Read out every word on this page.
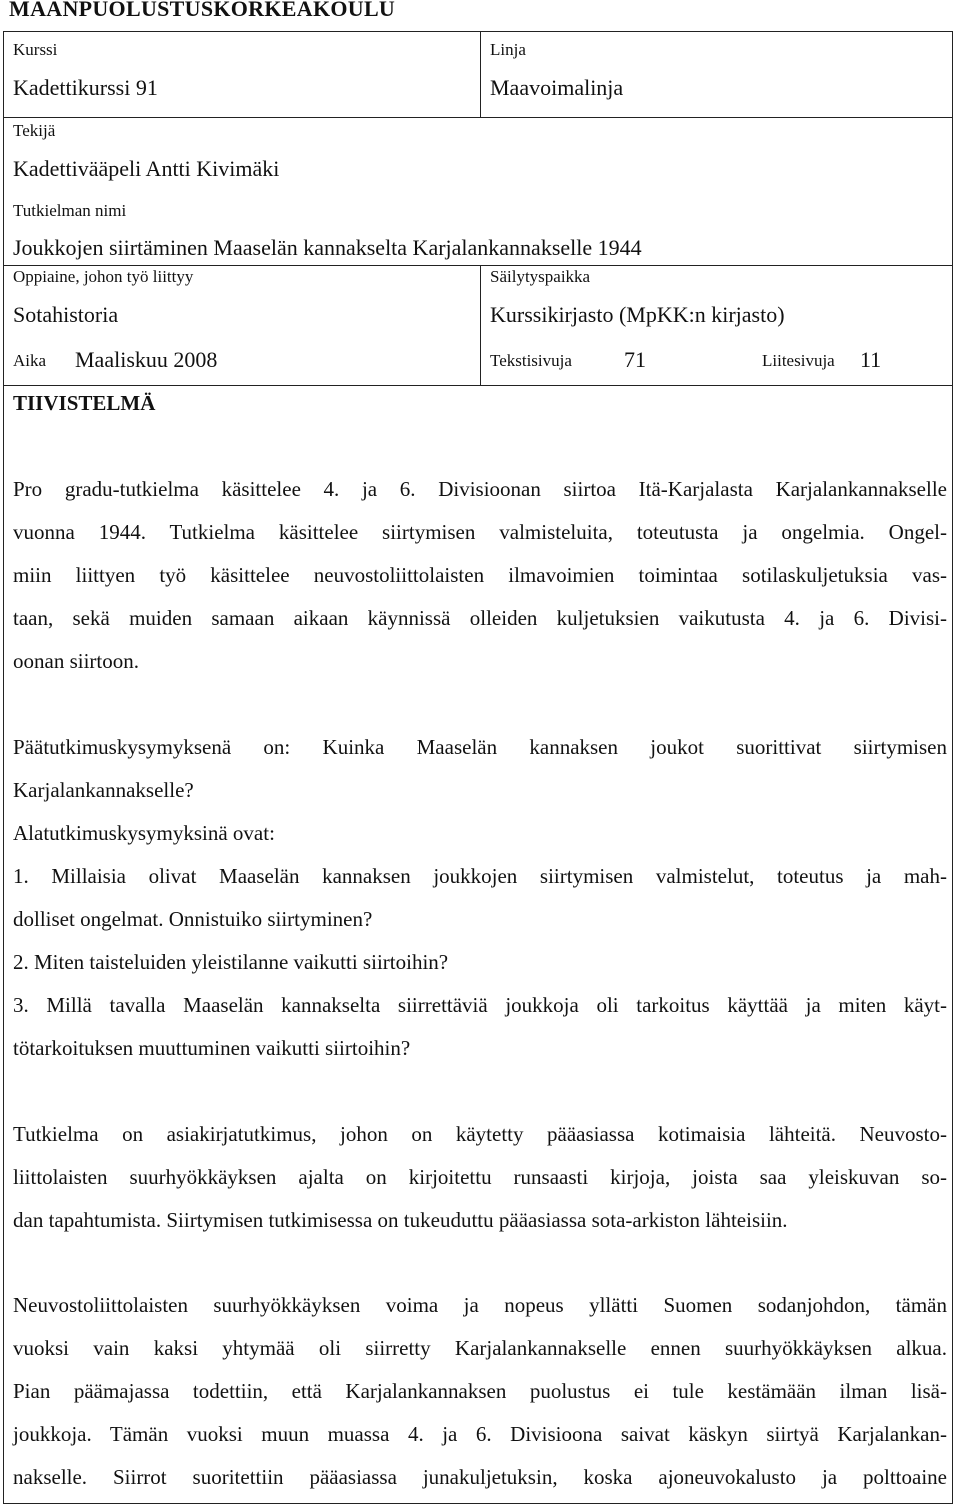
MAANPUOLUSTUSKORKEAKOULU
Kurssi
Kadettikurssi 91
Linja
Maavoimalinja
Tekijä
Kadettivääpeli Antti Kivimäki
Tutkielman nimi
Joukkojen siirtäminen Maaselän kannakselta Karjalankannakselle 1944
Oppiaine, johon työ liittyy
Sotahistoria
Säilytyspaikka
Kurssikirjasto (MpKK:n kirjasto)
Aika Maaliskuu 2008	Tekstisivuja 71	Liitesivuja 11
TIIVISTELMÄ
Pro gradu-tutkielma käsittelee 4. ja 6. Divisioonan siirtoa Itä-Karjalasta Karjalankannakselle
vuonna 1944. Tutkielma käsittelee siirtymisen valmisteluita, toteutusta ja ongelmia. Ongel-
miin liittyen työ käsittelee neuvostoliittolaisten ilmavoimien toimintaa sotilaskuljetuksia vas-
taan, sekä muiden samaan aikaan käynnissä olleiden kuljetuksien vaikutusta 4. ja 6. Divisi-
oonan siirtoon.
Päätutkimuskysymyksenä on: Kuinka Maaselän kannaksen joukot suorittivat siirtymisen
Karjalankannakselle?
Alatutkimuskysymyksinä ovat:
1. Millaisia olivat Maaselän kannaksen joukkojen siirtymisen valmistelut, toteutus ja mah-
dolliset ongelmat. Onnistuiko siirtyminen?
2. Miten taisteluiden yleistilanne vaikutti siirtoihin?
3. Millä tavalla Maaselän kannakselta siirrettäviä joukkoja oli tarkoitus käyttää ja miten käyt-
tötarkoituksen muuttuminen vaikutti siirtoihin?
Tutkielma on asiakirjatutkimus, johon on käytetty pääasiassa kotimaisia lähteitä. Neuvosto-
liittolaisten suurhyökkäyksen ajalta on kirjoitettu runsaasti kirjoja, joista saa yleiskuvan so-
dan tapahtumista. Siirtymisen tutkimisessa on tukeuduttu pääasiassa sota-arkiston lähteisiin.
Neuvostoliittolaisten suurhyökkäyksen voima ja nopeus yllätti Suomen sodanjohdon, tämän
vuoksi vain kaksi yhtymää oli siirretty Karjalankannakselle ennen suurhyökkäyksen alkua.
Pian päämajassa todettiin, että Karjalankannaksen puolustus ei tule kestämään ilman lisä-
joukkoja. Tämän vuoksi muun muassa 4. ja 6. Divisioona saivat käskyn siirtyä Karjalankan-
nakselle. Siirrot suoritettiin pääasiassa junakuljetuksin, koska ajoneuvokalusto ja polttoaine
